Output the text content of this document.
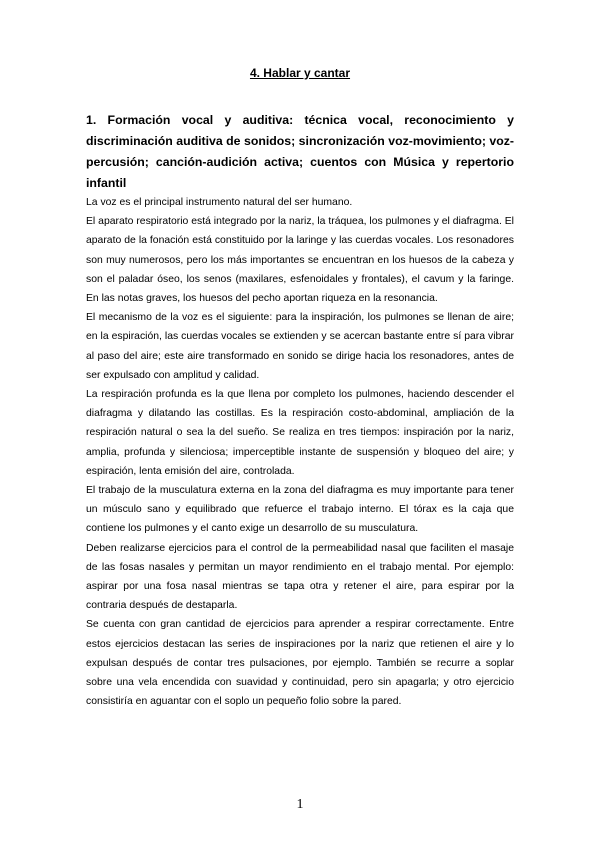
4. Hablar y cantar
1. Formación vocal y auditiva: técnica vocal, reconocimiento y discriminación auditiva de sonidos; sincronización voz-movimiento; voz-percusión; canción-audición activa; cuentos con Música y repertorio infantil

La voz es el principal instrumento natural del ser humano.

El aparato respiratorio está integrado por la nariz, la tráquea, los pulmones y el diafragma. El aparato de la fonación está constituido por la laringe y las cuerdas vocales. Los resonadores son muy numerosos, pero los más importantes se encuentran en los huesos de la cabeza y son el paladar óseo, los senos (maxilares, esfenoidales y frontales), el cavum y la faringe. En las notas graves, los huesos del pecho aportan riqueza en la resonancia.

El mecanismo de la voz es el siguiente: para la inspiración, los pulmones se llenan de aire; en la espiración, las cuerdas vocales se extienden y se acercan bastante entre sí para vibrar al paso del aire; este aire transformado en sonido se dirige hacia los resonadores, antes de ser expulsado con amplitud y calidad.

La respiración profunda es la que llena por completo los pulmones, haciendo descender el diafragma y dilatando las costillas. Es la respiración costo-abdominal, ampliación de la respiración natural o sea la del sueño. Se realiza en tres tiempos: inspiración por la nariz, amplia, profunda y silenciosa; imperceptible instante de suspensión y bloqueo del aire; y espiración, lenta emisión del aire, controlada.

El trabajo de la musculatura externa en la zona del diafragma es muy importante para tener un músculo sano y equilibrado que refuerce el trabajo interno. El tórax es la caja que contiene los pulmones y el canto exige un desarrollo de su musculatura.

Deben realizarse ejercicios para el control de la permeabilidad nasal que faciliten el masaje de las fosas nasales y permitan un mayor rendimiento en el trabajo mental. Por ejemplo: aspirar por una fosa nasal mientras se tapa otra y retener el aire, para espirar por la contraria después de destaparla.

Se cuenta con gran cantidad de ejercicios para aprender a respirar correctamente. Entre estos ejercicios destacan las series de inspiraciones por la nariz que retienen el aire y lo expulsan después de contar tres pulsaciones, por ejemplo. También se recurre a soplar sobre una vela encendida con suavidad y continuidad, pero sin apagarla; y otro ejercicio consistiría en aguantar con el soplo un pequeño folio sobre la pared.

1
